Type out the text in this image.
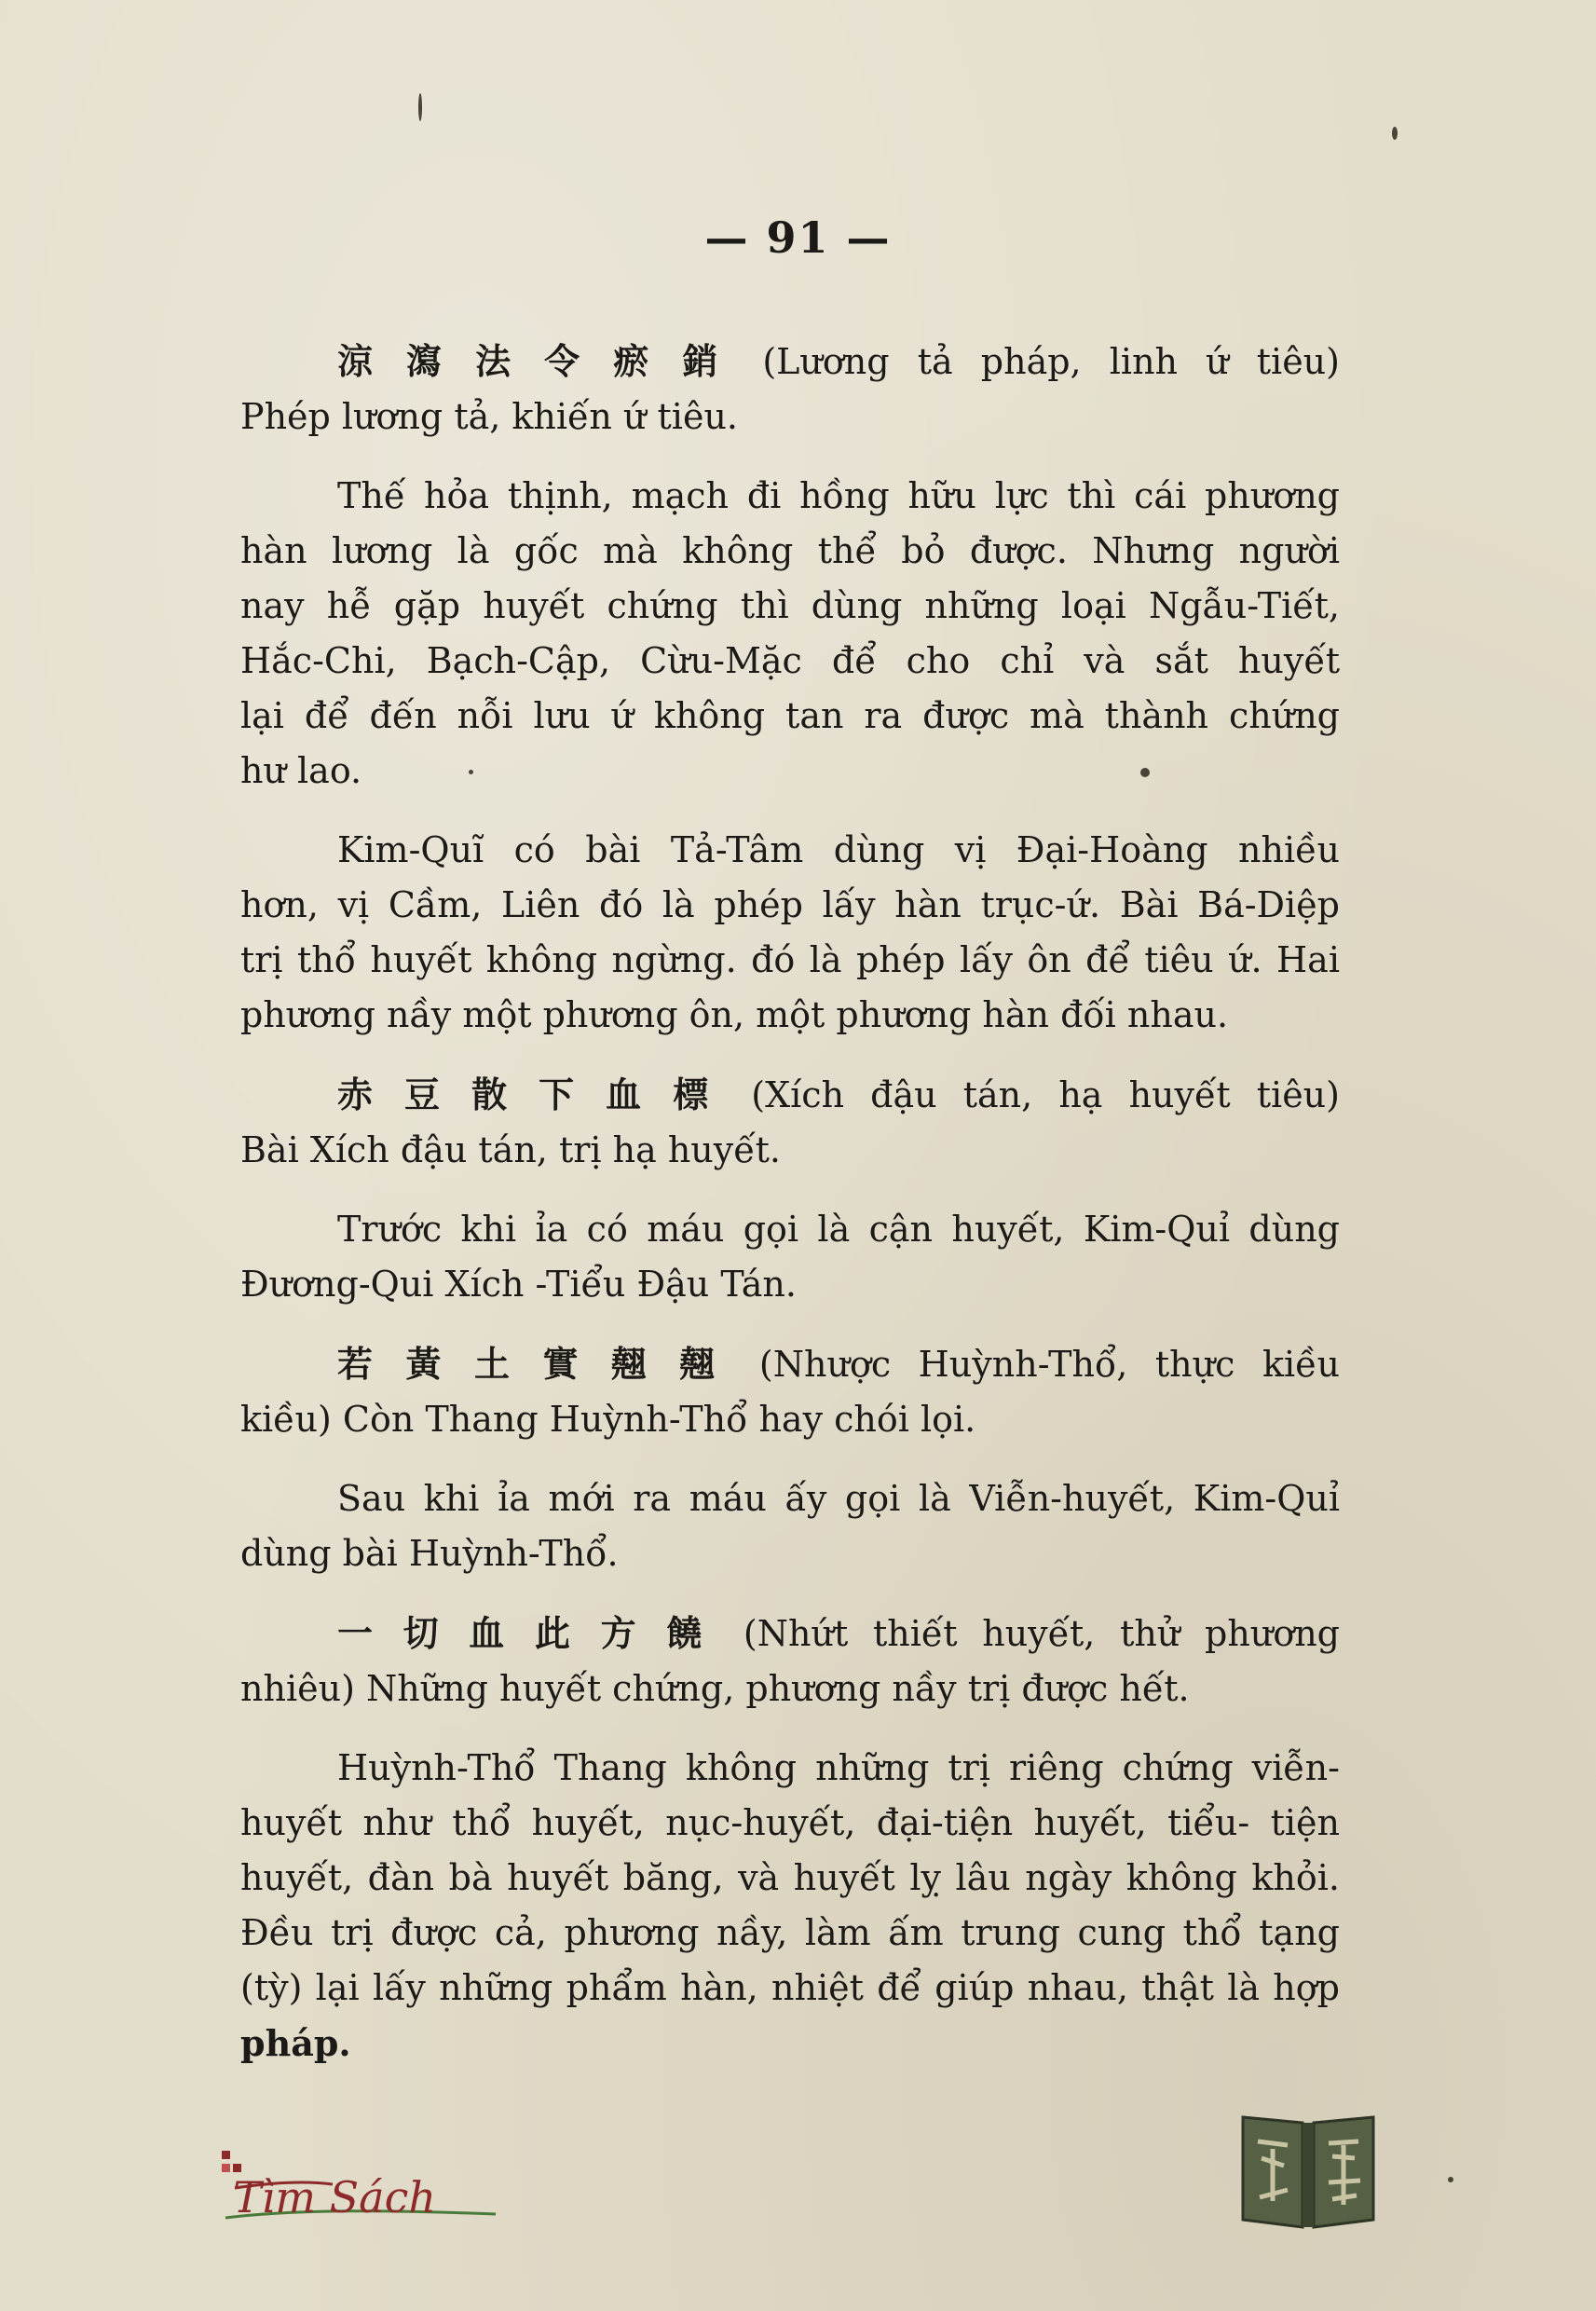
— 91 —
涼瀉法令瘀銷 (Lương tả pháp, linh ứ tiêu)
Phép lương tả, khiến ứ tiêu.
Thế hỏa thịnh, mạch đi hồng hữu lực thì cái phương
hàn lương là gốc mà không thể bỏ được. Nhưng người
nay hễ gặp huyết chứng thì dùng những loại Ngẫu-Tiết,
Hắc-Chi, Bạch-Cập, Cừu-Mặc để cho chỉ và sắt huyết
lại để đến nỗi lưu ứ không tan ra được mà thành chứng
hư lao.
Kim-Quĩ có bài Tả-Tâm dùng vị Đại-Hoàng nhiều
hơn, vị Cầm, Liên đó là phép lấy hàn trục-ứ. Bài Bá-Diệp
trị thổ huyết không ngừng. đó là phép lấy ôn để tiêu ứ. Hai
phương nầy một phương ôn, một phương hàn đối nhau.
赤豆散下血標 (Xích đậu tán, hạ huyết tiêu)
Bài Xích đậu tán, trị hạ huyết.
Trước khi ỉa có máu gọi là cận huyết, Kim-Quỉ dùng
Đương-Qui Xích -Tiểu Đậu Tán.
若黃土實翹翹 (Nhược Huỳnh-Thổ, thực kiều
kiều) Còn Thang Huỳnh-Thổ hay chói lọi.
Sau khi ỉa mới ra máu ấy gọi là Viễn-huyết, Kim-Quỉ
dùng bài Huỳnh-Thổ.
一切血此方饒 (Nhứt thiết huyết, thử phương
nhiêu) Những huyết chứng, phương nầy trị được hết.
Huỳnh-Thổ Thang không những trị riêng chứng viễn-
huyết như thổ huyết, nục-huyết, đại-tiện huyết, tiểu- tiện
huyết, đàn bà huyết băng, và huyết lỵ lâu ngày không khỏi.
Đều trị được cả, phương nầy, làm ấm trung cung thổ tạng
(tỳ) lại lấy những phẩm hàn, nhiệt để giúp nhau, thật là hợp
pháp.
Tìm Sách
